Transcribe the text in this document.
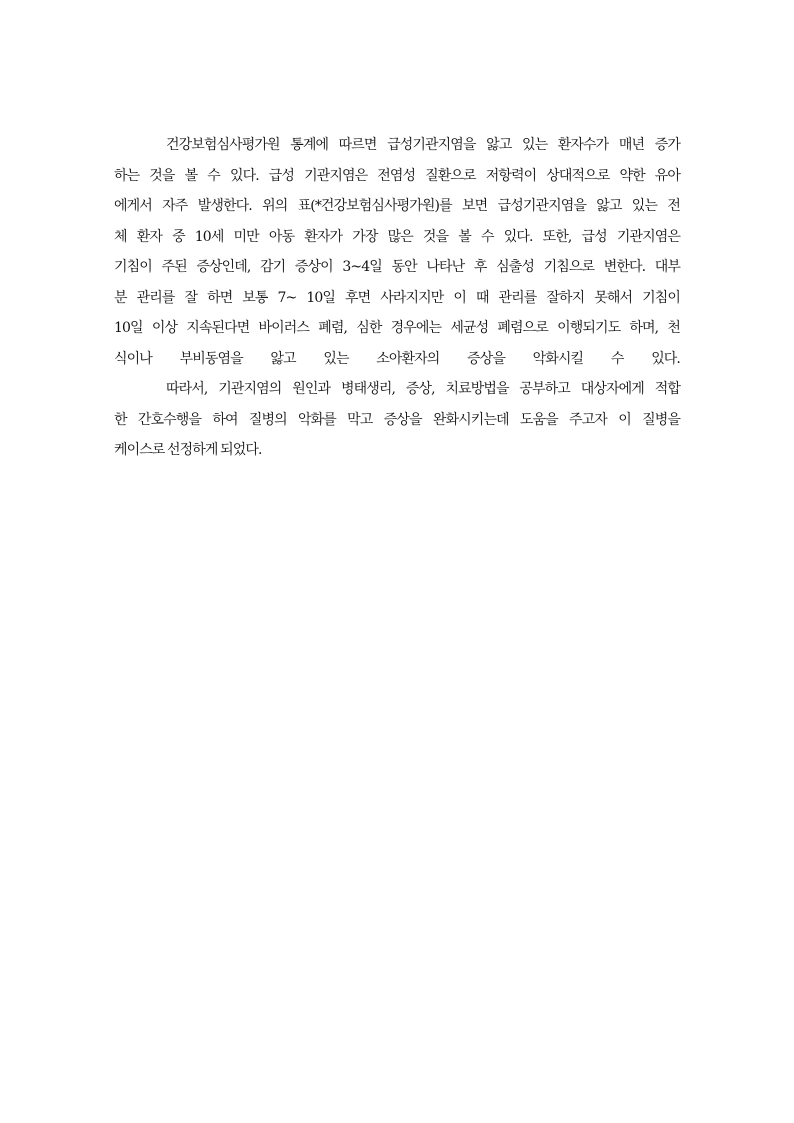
건강보험심사평가원 통계에 따르면 급성기관지염을 앓고 있는 환자수가 매년 증가
하는 것을 볼 수 있다. 급성 기관지염은 전염성 질환으로 저항력이 상대적으로 약한 유아
에게서 자주 발생한다. 위의 표(*건강보험심사평가원)를 보면 급성기관지염을 앓고 있는 전
체 환자 중 10세 미만 아동 환자가 가장 많은 것을 볼 수 있다. 또한, 급성 기관지염은
기침이 주된 증상인데, 감기 증상이 3~4일 동안 나타난 후 심출성 기침으로 변한다. 대부
분 관리를 잘 하면 보통 7~ 10일 후면 사라지지만 이 때 관리를 잘하지 못해서 기침이
10일 이상 지속된다면 바이러스 폐렴, 심한 경우에는 세균성 폐렴으로 이행되기도 하며, 천
식이나 부비동염을 앓고 있는 소아환자의 증상을 악화시킬 수 있다.
따라서, 기관지염의 원인과 병태생리, 증상, 치료방법을 공부하고 대상자에게 적합
한 간호수행을 하여 질병의 악화를 막고 증상을 완화시키는데 도움을 주고자 이 질병을
케이스로 선정하게 되었다.
